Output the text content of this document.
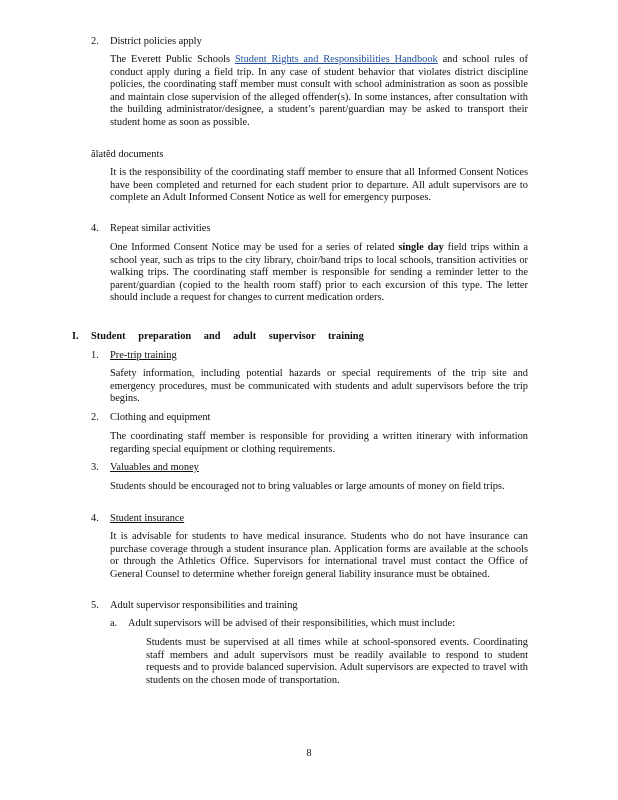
2.	District policies apply
The Everett Public Schools Student Rights and Responsibilities Handbook and school rules of conduct apply during a field trip. In any case of student behavior that violates district discipline policies, the coordinating staff member must consult with school administration as soon as possible and maintain close supervision of the alleged offender(s). In some instances, after consultation with the building administrator/designee, a student’s parent/guardian may be asked to transport their student home as soon as possible.
ălatĕd documents
It is the responsibility of the coordinating staff member to ensure that all Informed Consent Notices have been completed and returned for each student prior to departure. All adult supervisors are to complete an Adult Informed Consent Notice as well for emergency purposes.
4.	Repeat similar activities
One Informed Consent Notice may be used for a series of related single day field trips within a school year, such as trips to the city library, choir/band trips to local schools, transition activities or walking trips. The coordinating staff member is responsible for sending a reminder letter to the parent/guardian (copied to the health room staff) prior to each excursion of this type. The letter should include a request for changes to current medication orders.
I. Student preparation and adult supervisor training
1.	Pre-trip training
Safety information, including potential hazards or special requirements of the trip site and emergency procedures, must be communicated with students and adult supervisors before the trip begins.
2.	Clothing and equipment
The coordinating staff member is responsible for providing a written itinerary with information regarding special equipment or clothing requirements.
3.	Valuables and money
Students should be encouraged not to bring valuables or large amounts of money on field trips.
4.	Student insurance
It is advisable for students to have medical insurance. Students who do not have insurance can purchase coverage through a student insurance plan. Application forms are available at the schools or through the Athletics Office. Supervisors for international travel must contact the Office of General Counsel to determine whether foreign general liability insurance must be obtained.
5.	Adult supervisor responsibilities and training
a. Adult supervisors will be advised of their responsibilities, which must include:
Students must be supervised at all times while at school-sponsored events. Coordinating staff members and adult supervisors must be readily available to respond to student requests and to provide balanced supervision. Adult supervisors are expected to travel with students on the chosen mode of transportation.
8
